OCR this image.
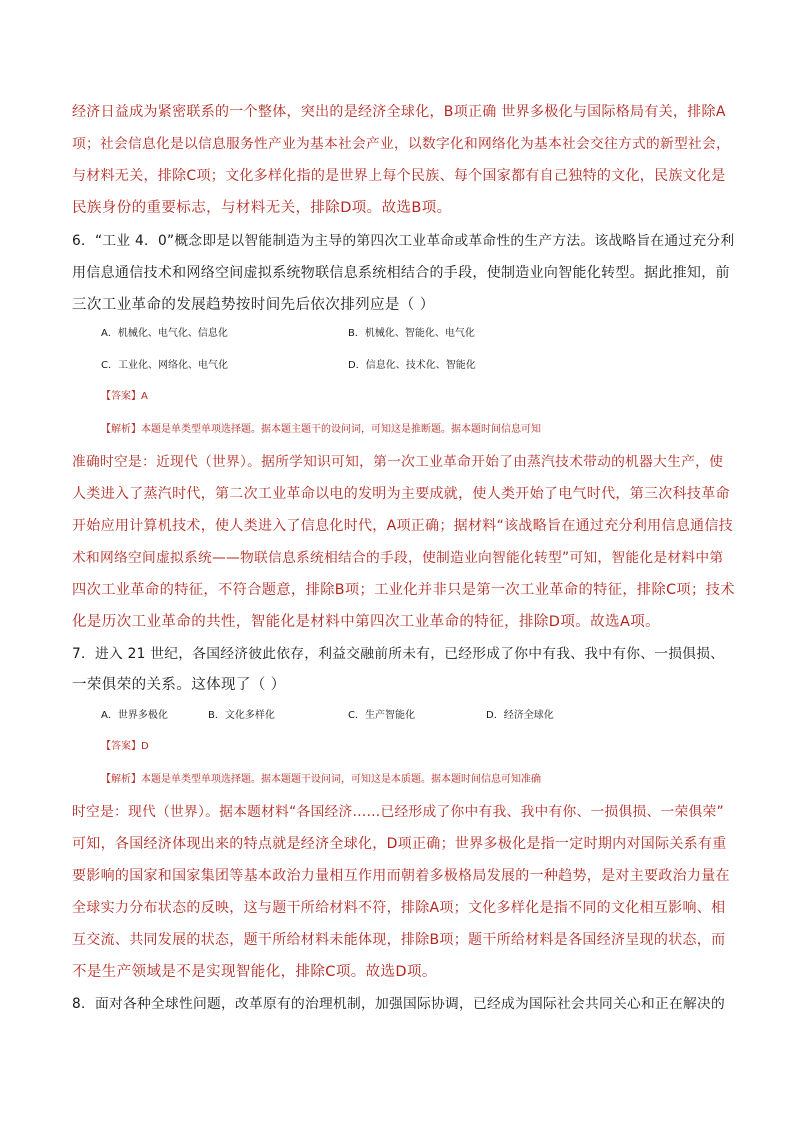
经济日益成为紧密联系的一个整体，突出的是经济全球化，B项正确 世界多极化与国际格局有关，排除A
项；社会信息化是以信息服务性产业为基本社会产业，以数字化和网络化为基本社会交往方式的新型社会，
与材料无关，排除C项；文化多样化指的是世界上每个民族、每个国家都有自己独特的文化，民族文化是
民族身份的重要标志，与材料无关，排除D项。故选B项。
6．“工业 4．0”概念即是以智能制造为主导的第四次工业革命或革命性的生产方法。该战略旨在通过充分利
用信息通信技术和网络空间虚拟系统物联信息系统相结合的手段，使制造业向智能化转型。据此推知，前
三次工业革命的发展趋势按时间先后依次排列应是（ ）
A．机械化、电气化、信息化	B．机械化、智能化、电气化
C．工业化、网络化、电气化	D．信息化、技术化、智能化
【答案】A
【解析】本题是单类型单项选择题。据本题主题干的设问词，可知这是推断题。据本题时间信息可知
准确时空是：近现代（世界）。据所学知识可知，第一次工业革命开始了由蒸汽技术带动的机器大生产，使
人类进入了蒸汽时代，第二次工业革命以电的发明为主要成就，使人类开始了电气时代，第三次科技革命
开始应用计算机技术，使人类进入了信息化时代，A项正确；据材料“该战略旨在通过充分利用信息通信技
术和网络空间虚拟系统——物联信息系统相结合的手段，使制造业向智能化转型”可知，智能化是材料中第
四次工业革命的特征，不符合题意，排除B项；工业化并非只是第一次工业革命的特征，排除C项；技术
化是历次工业革命的共性，智能化是材料中第四次工业革命的特征，排除D项。故选A项。
7．进入 21 世纪，各国经济彼此依存，利益交融前所未有，已经形成了你中有我、我中有你、一损俱损、
一荣俱荣的关系。这体现了（ ）
A．世界多极化	B．文化多样化	C．生产智能化	D．经济全球化
【答案】D
【解析】本题是单类型单项选择题。据本题题干设问词，可知这是本质题。据本题时间信息可知准确
时空是：现代（世界）。据本题材料“各国经济……已经形成了你中有我、我中有你、一损俱损、一荣俱荣”
可知，各国经济体现出来的特点就是经济全球化，D项正确；世界多极化是指一定时期内对国际关系有重
要影响的国家和国家集团等基本政治力量相互作用而朝着多极格局发展的一种趋势，是对主要政治力量在
全球实力分布状态的反映，这与题干所给材料不符，排除A项；文化多样化是指不同的文化相互影响、相
互交流、共同发展的状态，题干所给材料未能体现，排除B项；题干所给材料是各国经济呈现的状态，而
不是生产领域是不是实现智能化，排除C项。故选D项。
8．面对各种全球性问题，改革原有的治理机制，加强国际协调，已经成为国际社会共同关心和正在解决的
